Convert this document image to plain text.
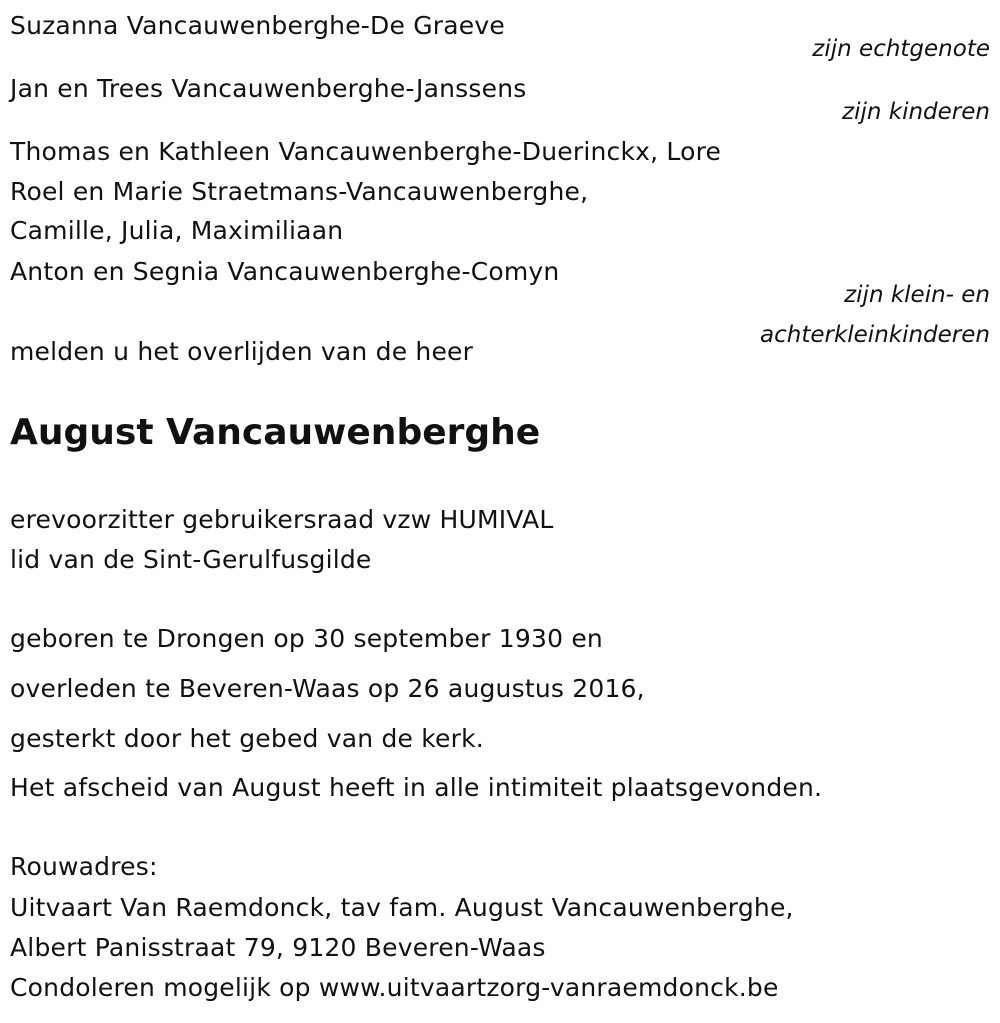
Suzanna Vancauwenberghe-De Graeve
zijn echtgenote
Jan en Trees Vancauwenberghe-Janssens
zijn kinderen
Thomas en Kathleen Vancauwenberghe-Duerinckx, Lore
Roel en Marie Straetmans-Vancauwenberghe,
Camille, Julia, Maximiliaan
Anton en Segnia Vancauwenberghe-Comyn
zijn klein- en
achterkleinkinderen
melden u het overlijden van de heer
August Vancauwenberghe
erevoorzitter gebruikersraad vzw HUMIVAL
lid van de Sint-Gerulfusgilde
geboren te Drongen op 30 september 1930 en
overleden te Beveren-Waas op 26 augustus 2016,
gesterkt door het gebed van de kerk.
Het afscheid van August heeft in alle intimiteit plaatsgevonden.
Rouwadres:
Uitvaart Van Raemdonck, tav fam. August Vancauwenberghe,
Albert Panisstraat 79, 9120 Beveren-Waas
Condoleren mogelijk op www.uitvaartzorg-vanraemdonck.be
